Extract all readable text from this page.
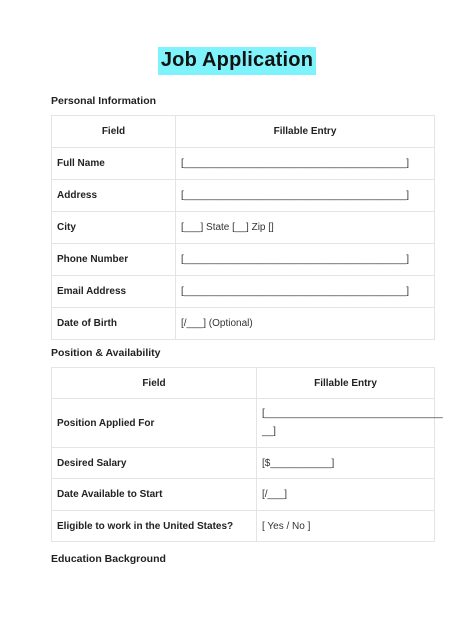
Job Application
Personal Information
Field	Fillable Entry
Full Name	[________________________________________]
Address	[________________________________________]
City	[___] State [__] Zip []
Phone Number	[________________________________________]
Email Address	[________________________________________]
Date of Birth	[/___] (Optional)
Position & Availability
Field	Fillable Entry
Position Applied For	[________________________________ __]
Desired Salary	[$___________]
Date Available to Start	[/___]
Eligible to work in the United States?	[ Yes / No ]
Education Background
